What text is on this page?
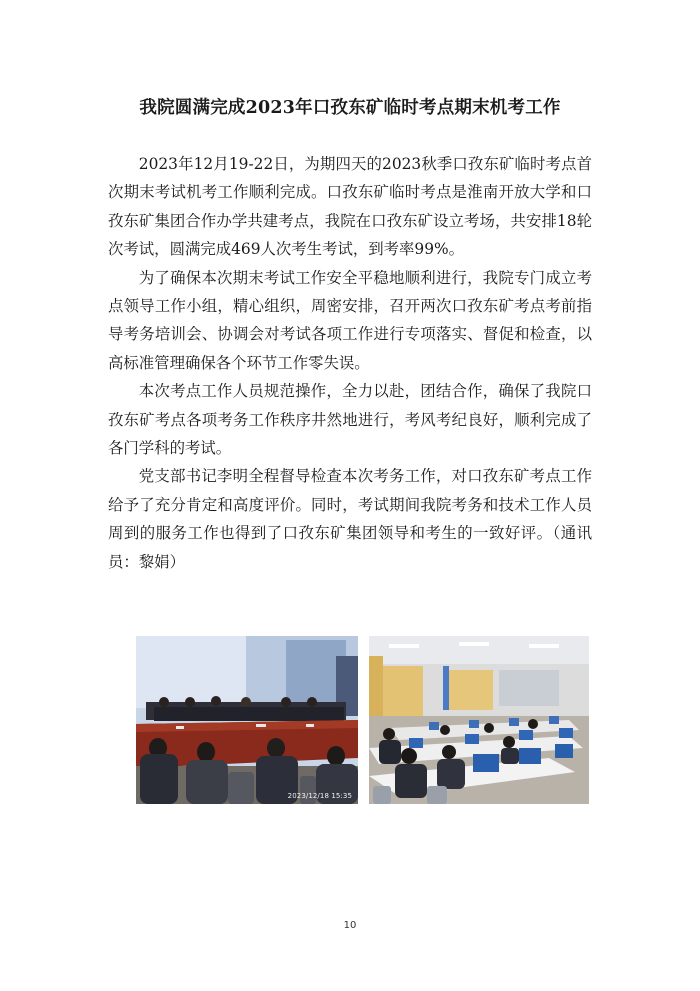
我院圆满完成2023年口孜东矿临时考点期末机考工作

2023年12月19-22日，为期四天的2023秋季口孜东矿临时考点首次期末考试机考工作顺利完成。口孜东矿临时考点是淮南开放大学和口孜东矿集团合作办学共建考点，我院在口孜东矿设立考场，共安排18轮次考试，圆满完成469人次考生考试，到考率99%。

为了确保本次期末考试工作安全平稳地顺利进行，我院专门成立考点领导工作小组，精心组织，周密安排，召开两次口孜东矿考点考前指导考务培训会、协调会对考试各项工作进行专项落实、督促和检查，以高标准管理确保各个环节工作零失误。

本次考点工作人员规范操作，全力以赴，团结合作，确保了我院口孜东矿考点各项考务工作秩序井然地进行，考风考纪良好，顺利完成了各门学科的考试。

党支部书记李明全程督导检查本次考务工作，对口孜东矿考点工作给予了充分肯定和高度评价。同时，考试期间我院考务和技术工作人员周到的服务工作也得到了口孜东矿集团领导和考生的一致好评。（通讯员：黎娟）

2023/12/18 15:35
10
